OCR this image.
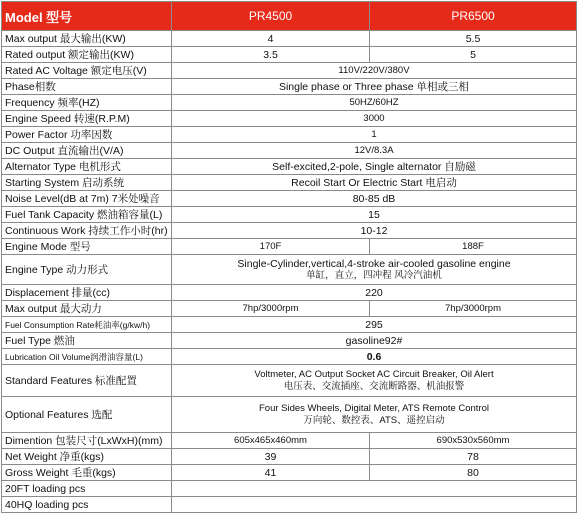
Model 型号	PR4500	PR6500
Max output 最大输出(KW)	4	5.5
Rated output 额定输出(KW)	3.5	5
Rated AC Voltage 额定电压(V)	110V/220V/380V	
Phase相数	Single phase or Three phase 单相或三相	
Frequency 频率(HZ)	50HZ/60HZ	
Engine Speed 转速(R.P.M)	3000	
Power Factor 功率因数	1	
DC Output 直流输出(V/A)	12V/8.3A	
Alternator Type 电机形式	Self-excited,2-pole, Single alternator 自励磁	
Starting System 启动系统	Recoil Start Or Electric Start 电启动	
Noise Level(dB at 7m) 7米处噪音	80-85 dB	
Fuel Tank Capacity 燃油箱容量(L)	15	
Continuous Work 持续工作小时(hr)	10-12	
Engine Mode 型号	170F	188F
Engine Type 动力形式	Single-Cylinder,vertical,4-stroke air-cooled gasoline engine
单缸，直立，四冲程 风冷汽油机	

Displacement 排量(cc)	220	
Max output 最大动力	7hp/3000rpm	7hp/3000rpm
Fuel Consumption Rate耗油率(g/kw/h)	295	
Fuel Type 燃油	gasoline92#	
Lubrication Oil Volume润滑油容量(L)	0.6	
Standard Features 标准配置	Voltmeter, AC Output Socket AC Circuit Breaker, Oil Alert
电压表、交流插座、交流断路器、机油报警	

Optional Features 选配	Four Sides Wheels, Digital Meter, ATS Remote Control
万向轮、数控表、ATS、遥控启动	

Dimention 包装尺寸(LxWxH)(mm)	605x465x460mm	690x530x560mm
Net Weight 净重(kgs)	39	78
Gross Weight 毛重(kgs)	41	80
20FT loading pcs		
40HQ loading pcs		
